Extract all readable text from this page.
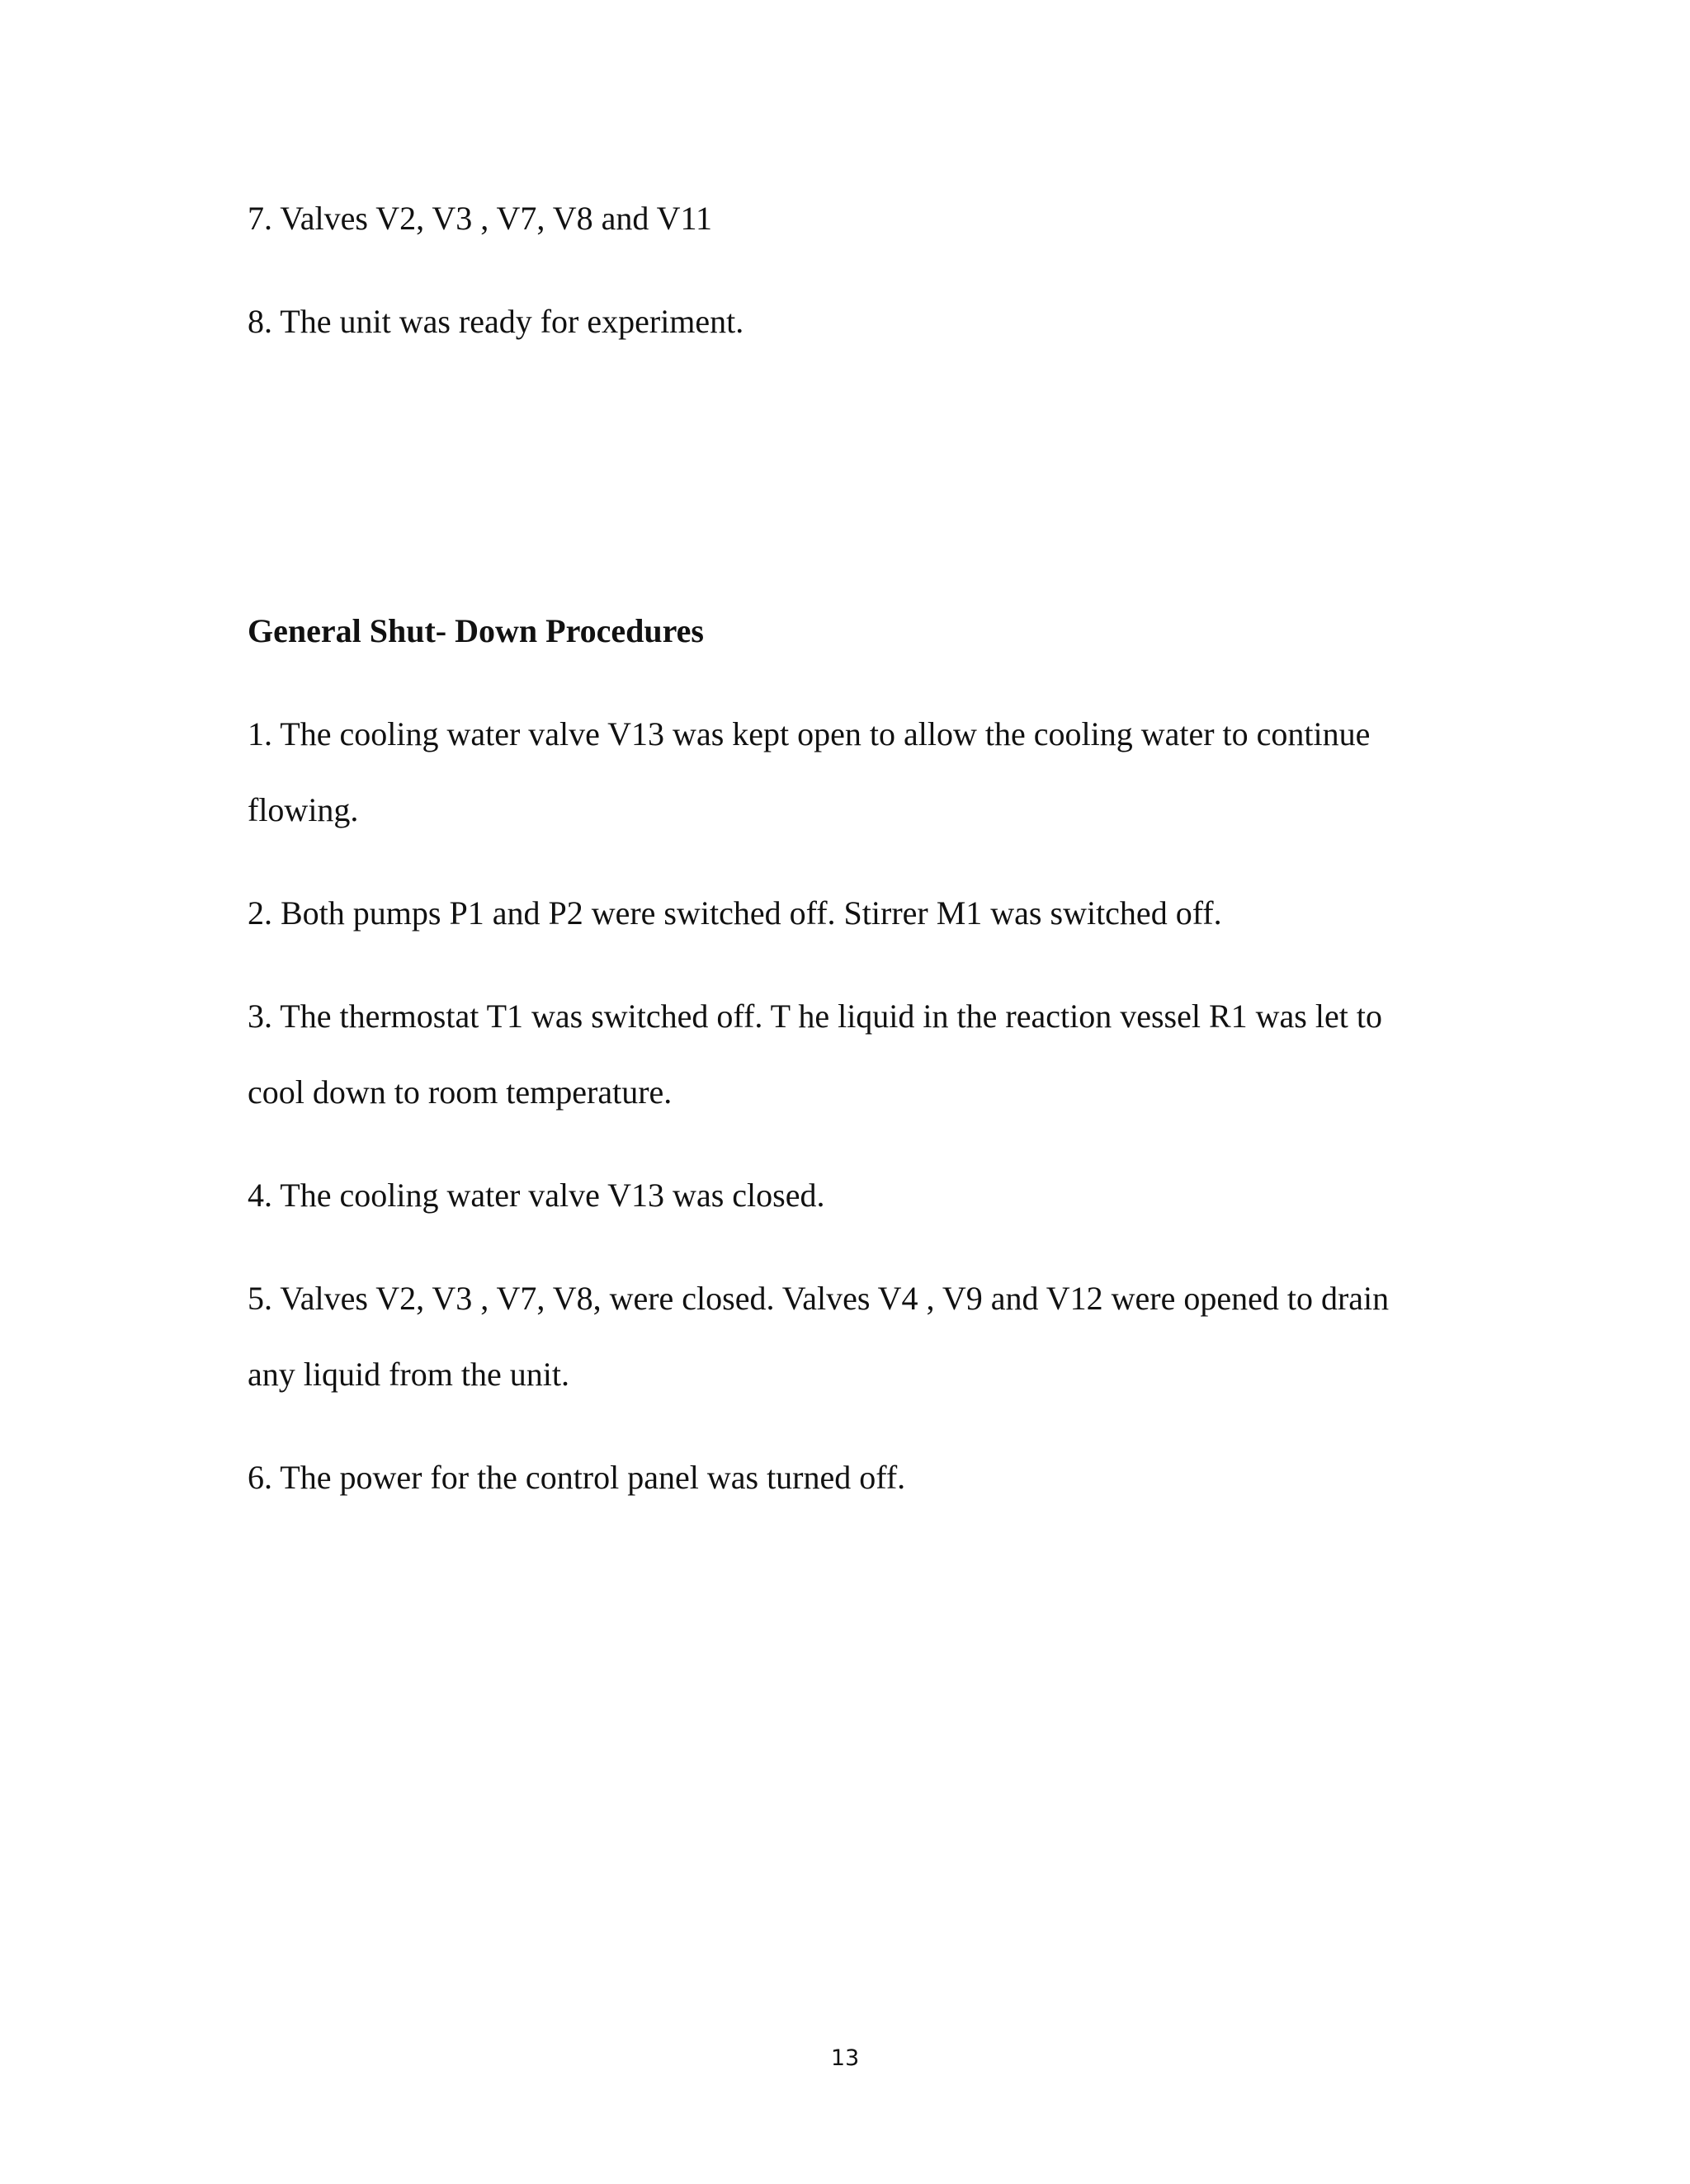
7. Valves V2, V3 , V7, V8 and V11

8. The unit was ready for experiment.

General Shut- Down Procedures

1. The cooling water valve V13 was kept open to allow the cooling water to continue

flowing.

2. Both pumps P1 and P2 were switched off. Stirrer M1 was switched off.

3. The thermostat T1 was switched off. T he liquid in the reaction vessel R1 was let to

cool down to room temperature.

4. The cooling water valve V13 was closed.

5. Valves V2, V3 , V7, V8, were closed. Valves V4 , V9 and V12 were opened to drain

any liquid from the unit.

6. The power for the control panel was turned off.

13
